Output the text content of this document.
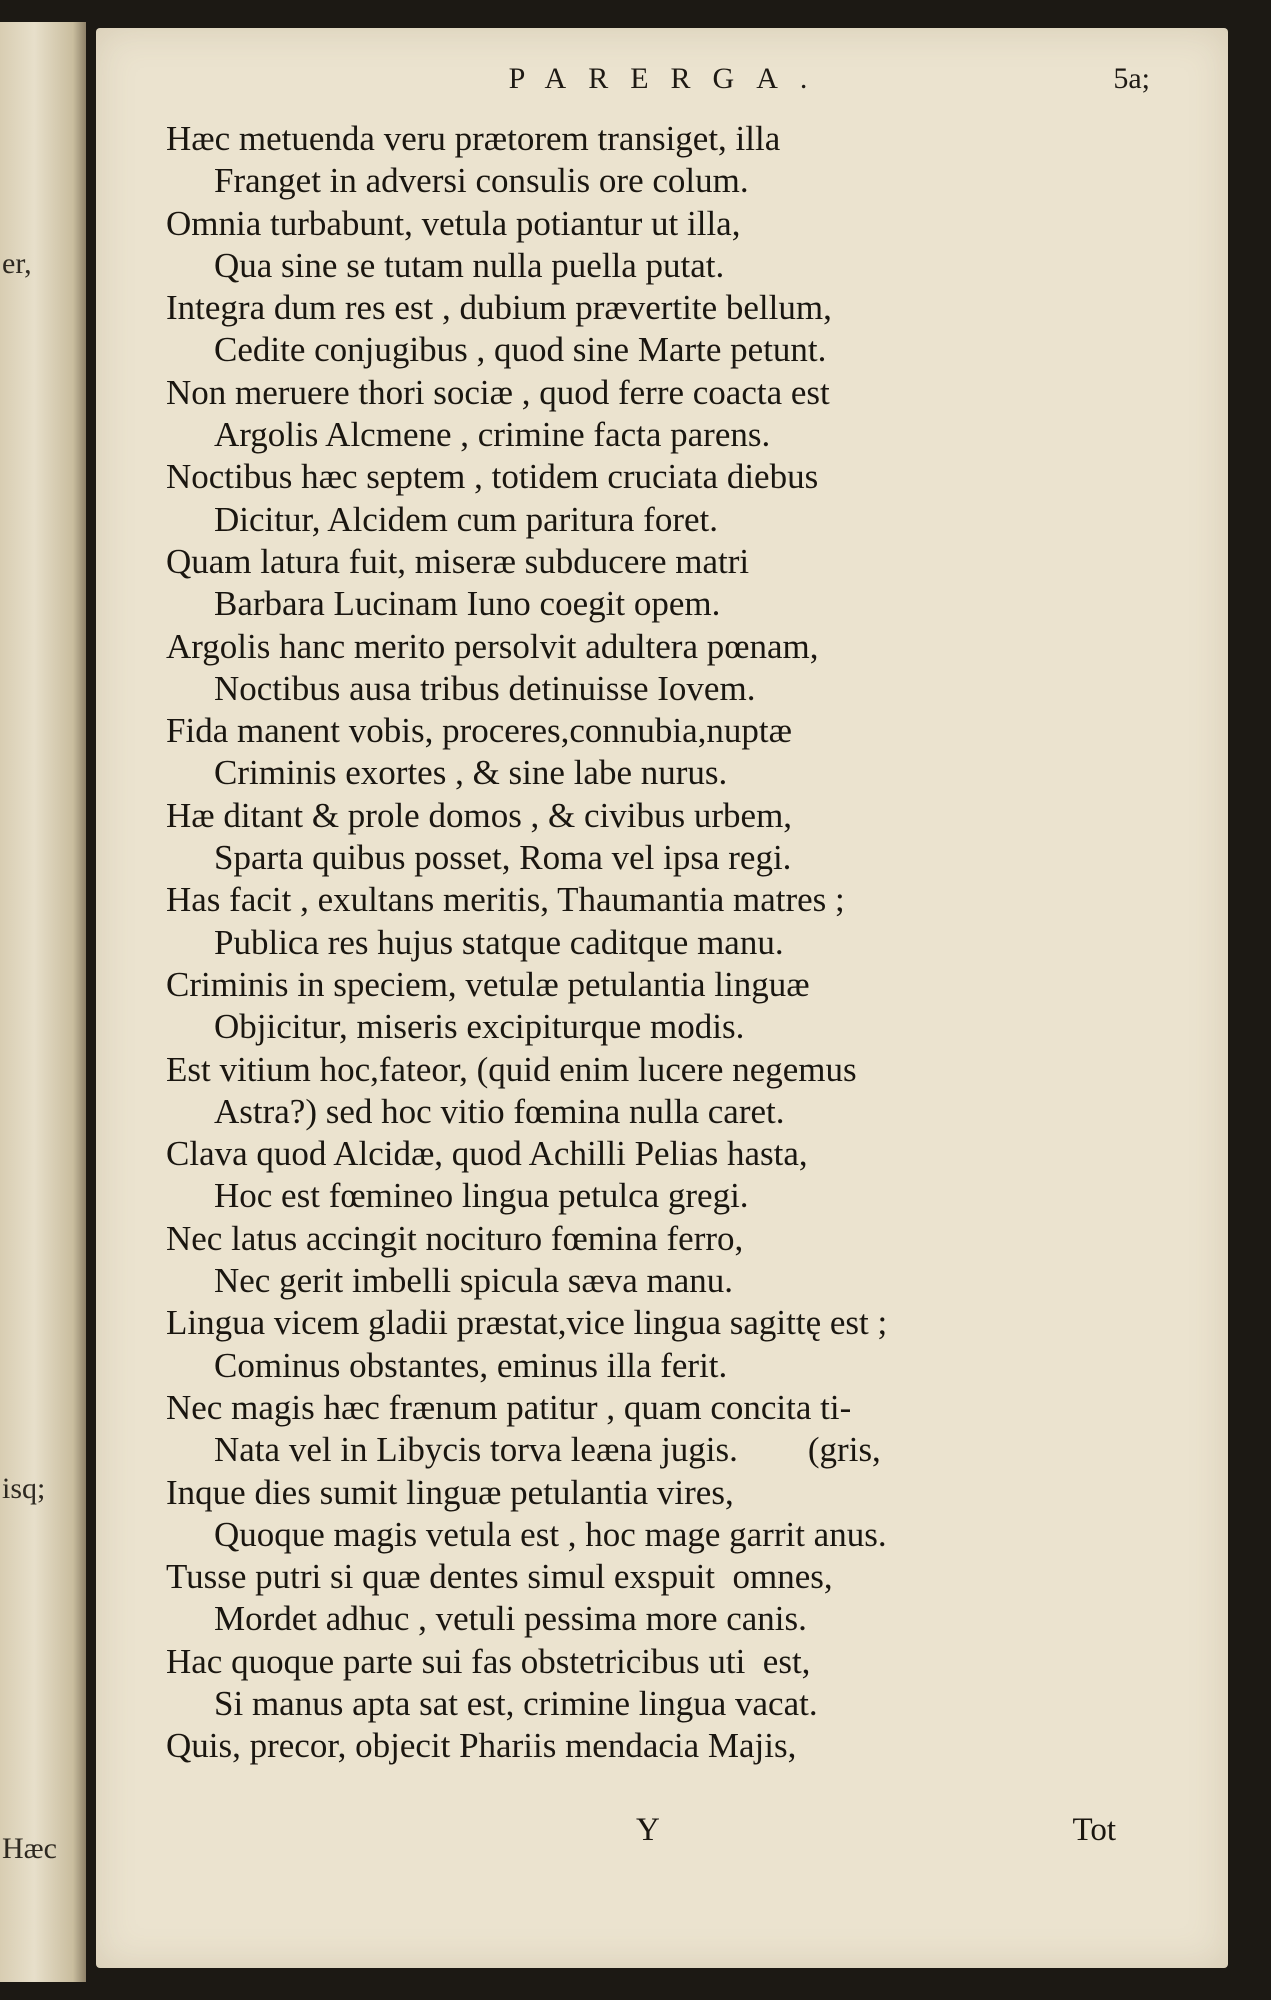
er,
isq;
Hæc
PARERGA.	5a;
Hæc metuenda veru prætorem transiget, illa
Franget in adversi consulis ore colum.
Omnia turbabunt, vetula potiantur ut illa,
Qua sine se tutam nulla puella putat.
Integra dum res est , dubium prævertite bellum,
Cedite conjugibus , quod sine Marte petunt.
Non meruere thori sociæ , quod ferre coacta est
Argolis Alcmene , crimine facta parens.
Noctibus hæc septem , totidem cruciata diebus
Dicitur, Alcidem cum paritura foret.
Quam latura fuit, miseræ subducere matri
Barbara Lucinam Iuno coegit opem.
Argolis hanc merito persolvit adultera pœnam,
Noctibus ausa tribus detinuisse Iovem.
Fida manent vobis, proceres,connubia,nuptæ
Criminis exortes , & sine labe nurus.
Hæ ditant & prole domos , & civibus urbem,
Sparta quibus posset, Roma vel ipsa regi.
Has facit , exultans meritis, Thaumantia matres ;
Publica res hujus statque caditque manu.
Criminis in speciem, vetulæ petulantia linguæ
Objicitur, miseris excipiturque modis.
Est vitium hoc,fateor, (quid enim lucere negemus
Astra?) sed hoc vitio fœmina nulla caret.
Clava quod Alcidæ, quod Achilli Pelias hasta,
Hoc est fœmineo lingua petulca gregi.
Nec latus accingit nocituro fœmina ferro,
Nec gerit imbelli spicula sæva manu.
Lingua vicem gladii præstat,vice lingua sagittę est ;
Cominus obstantes, eminus illa ferit.
Nec magis hæc frænum patitur , quam concita ti-
Nata vel in Libycis torva leæna jugis.        (gris,
Inque dies sumit linguæ petulantia vires,
Quoque magis vetula est , hoc mage garrit anus.
Tusse putri si quæ dentes simul exspuit  omnes,
Mordet adhuc , vetuli pessima more canis.
Hac quoque parte sui fas obstetricibus uti  est,
Si manus apta sat est, crimine lingua vacat.
Quis, precor, objecit Phariis mendacia Majis,
Y	Tot
